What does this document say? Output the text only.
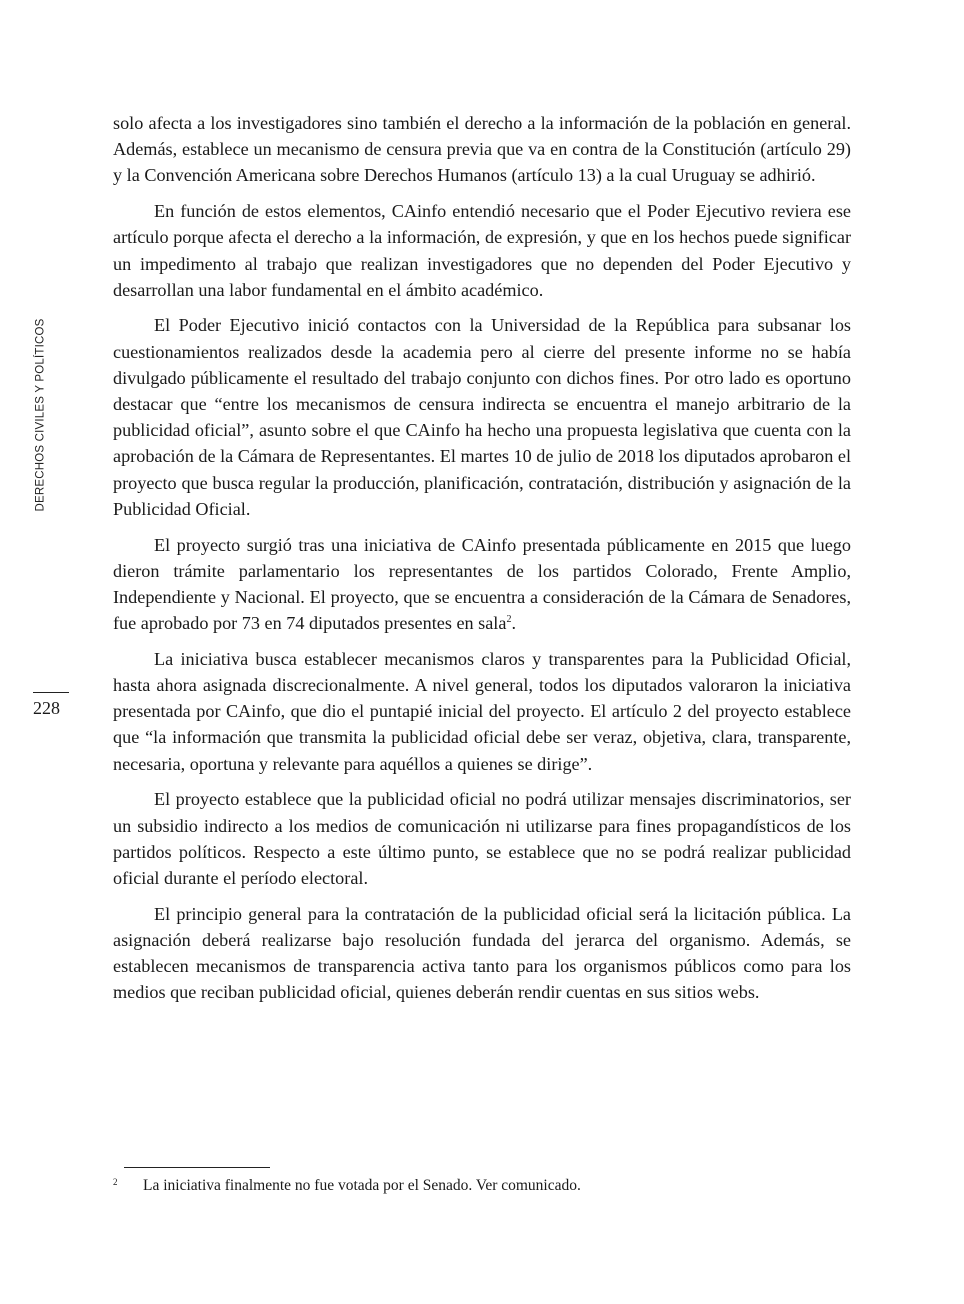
DERECHOS CIVILES Y POLÍTICOS
228

solo afecta a los investigadores sino también el derecho a la información de la población en general. Además, establece un mecanismo de censura previa que va en contra de la Constitución (artículo 29) y la Convención Americana sobre Derechos Humanos (artículo 13) a la cual Uruguay se adhirió.

En función de estos elementos, CAinfo entendió necesario que el Poder Ejecutivo reviera ese artículo porque afecta el derecho a la información, de expresión, y que en los hechos puede significar un impedimento al trabajo que realizan investigadores que no dependen del Poder Ejecutivo y desarrollan una labor fundamental en el ámbito académico.

El Poder Ejecutivo inició contactos con la Universidad de la República para subsanar los cuestionamientos realizados desde la academia pero al cierre del presente informe no se había divulgado públicamente el resultado del trabajo conjunto con dichos fines. Por otro lado es oportuno destacar que “entre los mecanismos de censura indirecta se encuentra el manejo arbitrario de la publicidad oficial”, asunto sobre el que CAinfo ha hecho una propuesta legislativa que cuenta con la aprobación de la Cámara de Representantes. El martes 10 de julio de 2018 los diputados aprobaron el proyecto que busca regular la producción, planificación, contratación, distribución y asignación de la Publicidad Oficial.

El proyecto surgió tras una iniciativa de CAinfo presentada públicamente en 2015 que luego dieron trámite parlamentario los representantes de los partidos Colorado, Frente Amplio, Independiente y Nacional. El proyecto, que se encuentra a consideración de la Cámara de Senadores, fue aprobado por 73 en 74 diputados presentes en sala$^2$.

La iniciativa busca establecer mecanismos claros y transparentes para la Publicidad Oficial, hasta ahora asignada discrecionalmente. A nivel general, todos los diputados valoraron la iniciativa presentada por CAinfo, que dio el puntapié inicial del proyecto. El artículo 2 del proyecto establece que “la información que transmita la publicidad oficial debe ser veraz, objetiva, clara, transparente, necesaria, oportuna y relevante para aquéllos a quienes se dirige”.

El proyecto establece que la publicidad oficial no podrá utilizar mensajes discriminatorios, ser un subsidio indirecto a los medios de comunicación ni utilizarse para fines propagandísticos de los partidos políticos. Respecto a este último punto, se establece que no se podrá realizar publicidad oficial durante el período electoral.

El principio general para la contratación de la publicidad oficial será la licitación pública. La asignación deberá realizarse bajo resolución fundada del jerarca del organismo. Además, se establecen mecanismos de transparencia activa tanto para los organismos públicos como para los medios que reciban publicidad oficial, quienes deberán rendir cuentas en sus sitios webs.

2 La iniciativa finalmente no fue votada por el Senado. Ver comunicado.
